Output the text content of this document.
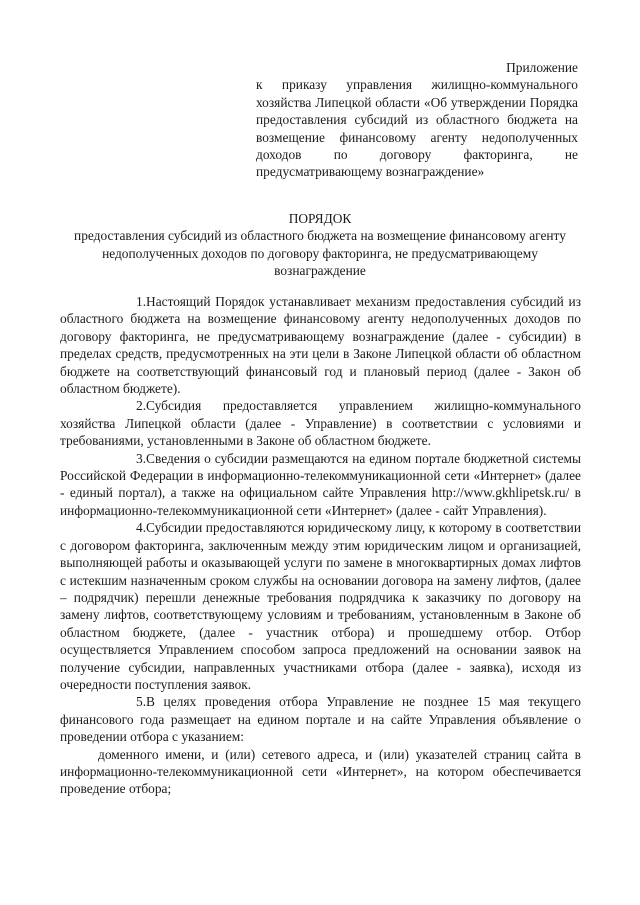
Приложение

к приказу управления жилищно-коммунального хозяйства Липецкой области «Об утверждении Порядка предоставления субсидий из областного бюджета на возмещение финансовому агенту недополученных доходов по договору факторинга, не предусматривающему вознаграждение»

ПОРЯДОК

предоставления субсидий из областного бюджета на возмещение финансовому агенту недополученных доходов по договору факторинга, не предусматривающему вознаграждение

1.Настоящий Порядок устанавливает механизм предоставления субсидий из областного бюджета на возмещение финансовому агенту недополученных доходов по договору факторинга, не предусматривающему вознаграждение (далее - субсидии) в пределах средств, предусмотренных на эти цели в Законе Липецкой области об областном бюджете на соответствующий финансовый год и плановый период (далее - Закон об областном бюджете).

2.Субсидия предоставляется управлением жилищно-коммунального хозяйства Липецкой области (далее - Управление) в соответствии с условиями и требованиями, установленными в Законе об областном бюджете.

3.Сведения о субсидии размещаются на едином портале бюджетной системы Российской Федерации в информационно-телекоммуникационной сети «Интернет» (далее - единый портал), а также на официальном сайте Управления http://www.gkhlipetsk.ru/ в информационно-телекоммуникационной сети «Интернет» (далее - сайт Управления).

4.Субсидии предоставляются юридическому лицу, к которому в соответствии с договором факторинга, заключенным между этим юридическим лицом и организацией, выполняющей работы и оказывающей услуги по замене в многоквартирных домах лифтов с истекшим назначенным сроком службы на основании договора на замену лифтов, (далее – подрядчик) перешли денежные требования подрядчика к заказчику по договору на замену лифтов, соответствующему условиям и требованиям, установленным в Законе об областном бюджете, (далее - участник отбора) и прошедшему отбор. Отбор осуществляется Управлением способом запроса предложений на основании заявок на получение субсидии, направленных участниками отбора (далее - заявка), исходя из очередности поступления заявок.

5.В целях проведения отбора Управление не позднее 15 мая текущего финансового года размещает на едином портале и на сайте Управления объявление о проведении отбора с указанием:

доменного имени, и (или) сетевого адреса, и (или) указателей страниц сайта в информационно-телекоммуникационной сети «Интернет», на котором обеспечивается проведение отбора;
